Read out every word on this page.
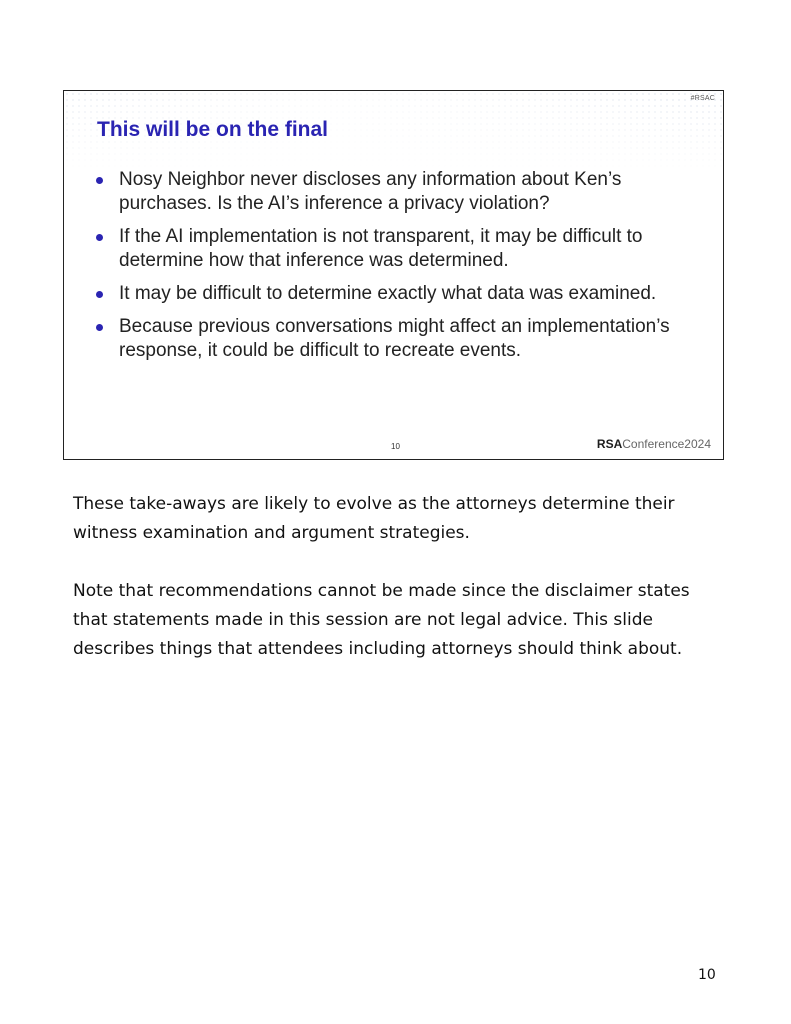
#RSAC
This will be on the final
Nosy Neighbor never discloses any information about Ken’s purchases. Is the AI’s inference a privacy violation?
If the AI implementation is not transparent, it may be difficult to determine how that inference was determined.
It may be difficult to determine exactly what data was examined.
Because previous conversations might affect an implementation’s response, it could be difficult to recreate events.
10	RSAConference2024

These take-aways are likely to evolve as the attorneys determine their witness examination and argument strategies.

Note that recommendations cannot be made since the disclaimer states that statements made in this session are not legal advice. This slide describes things that attendees including attorneys should think about.

10
